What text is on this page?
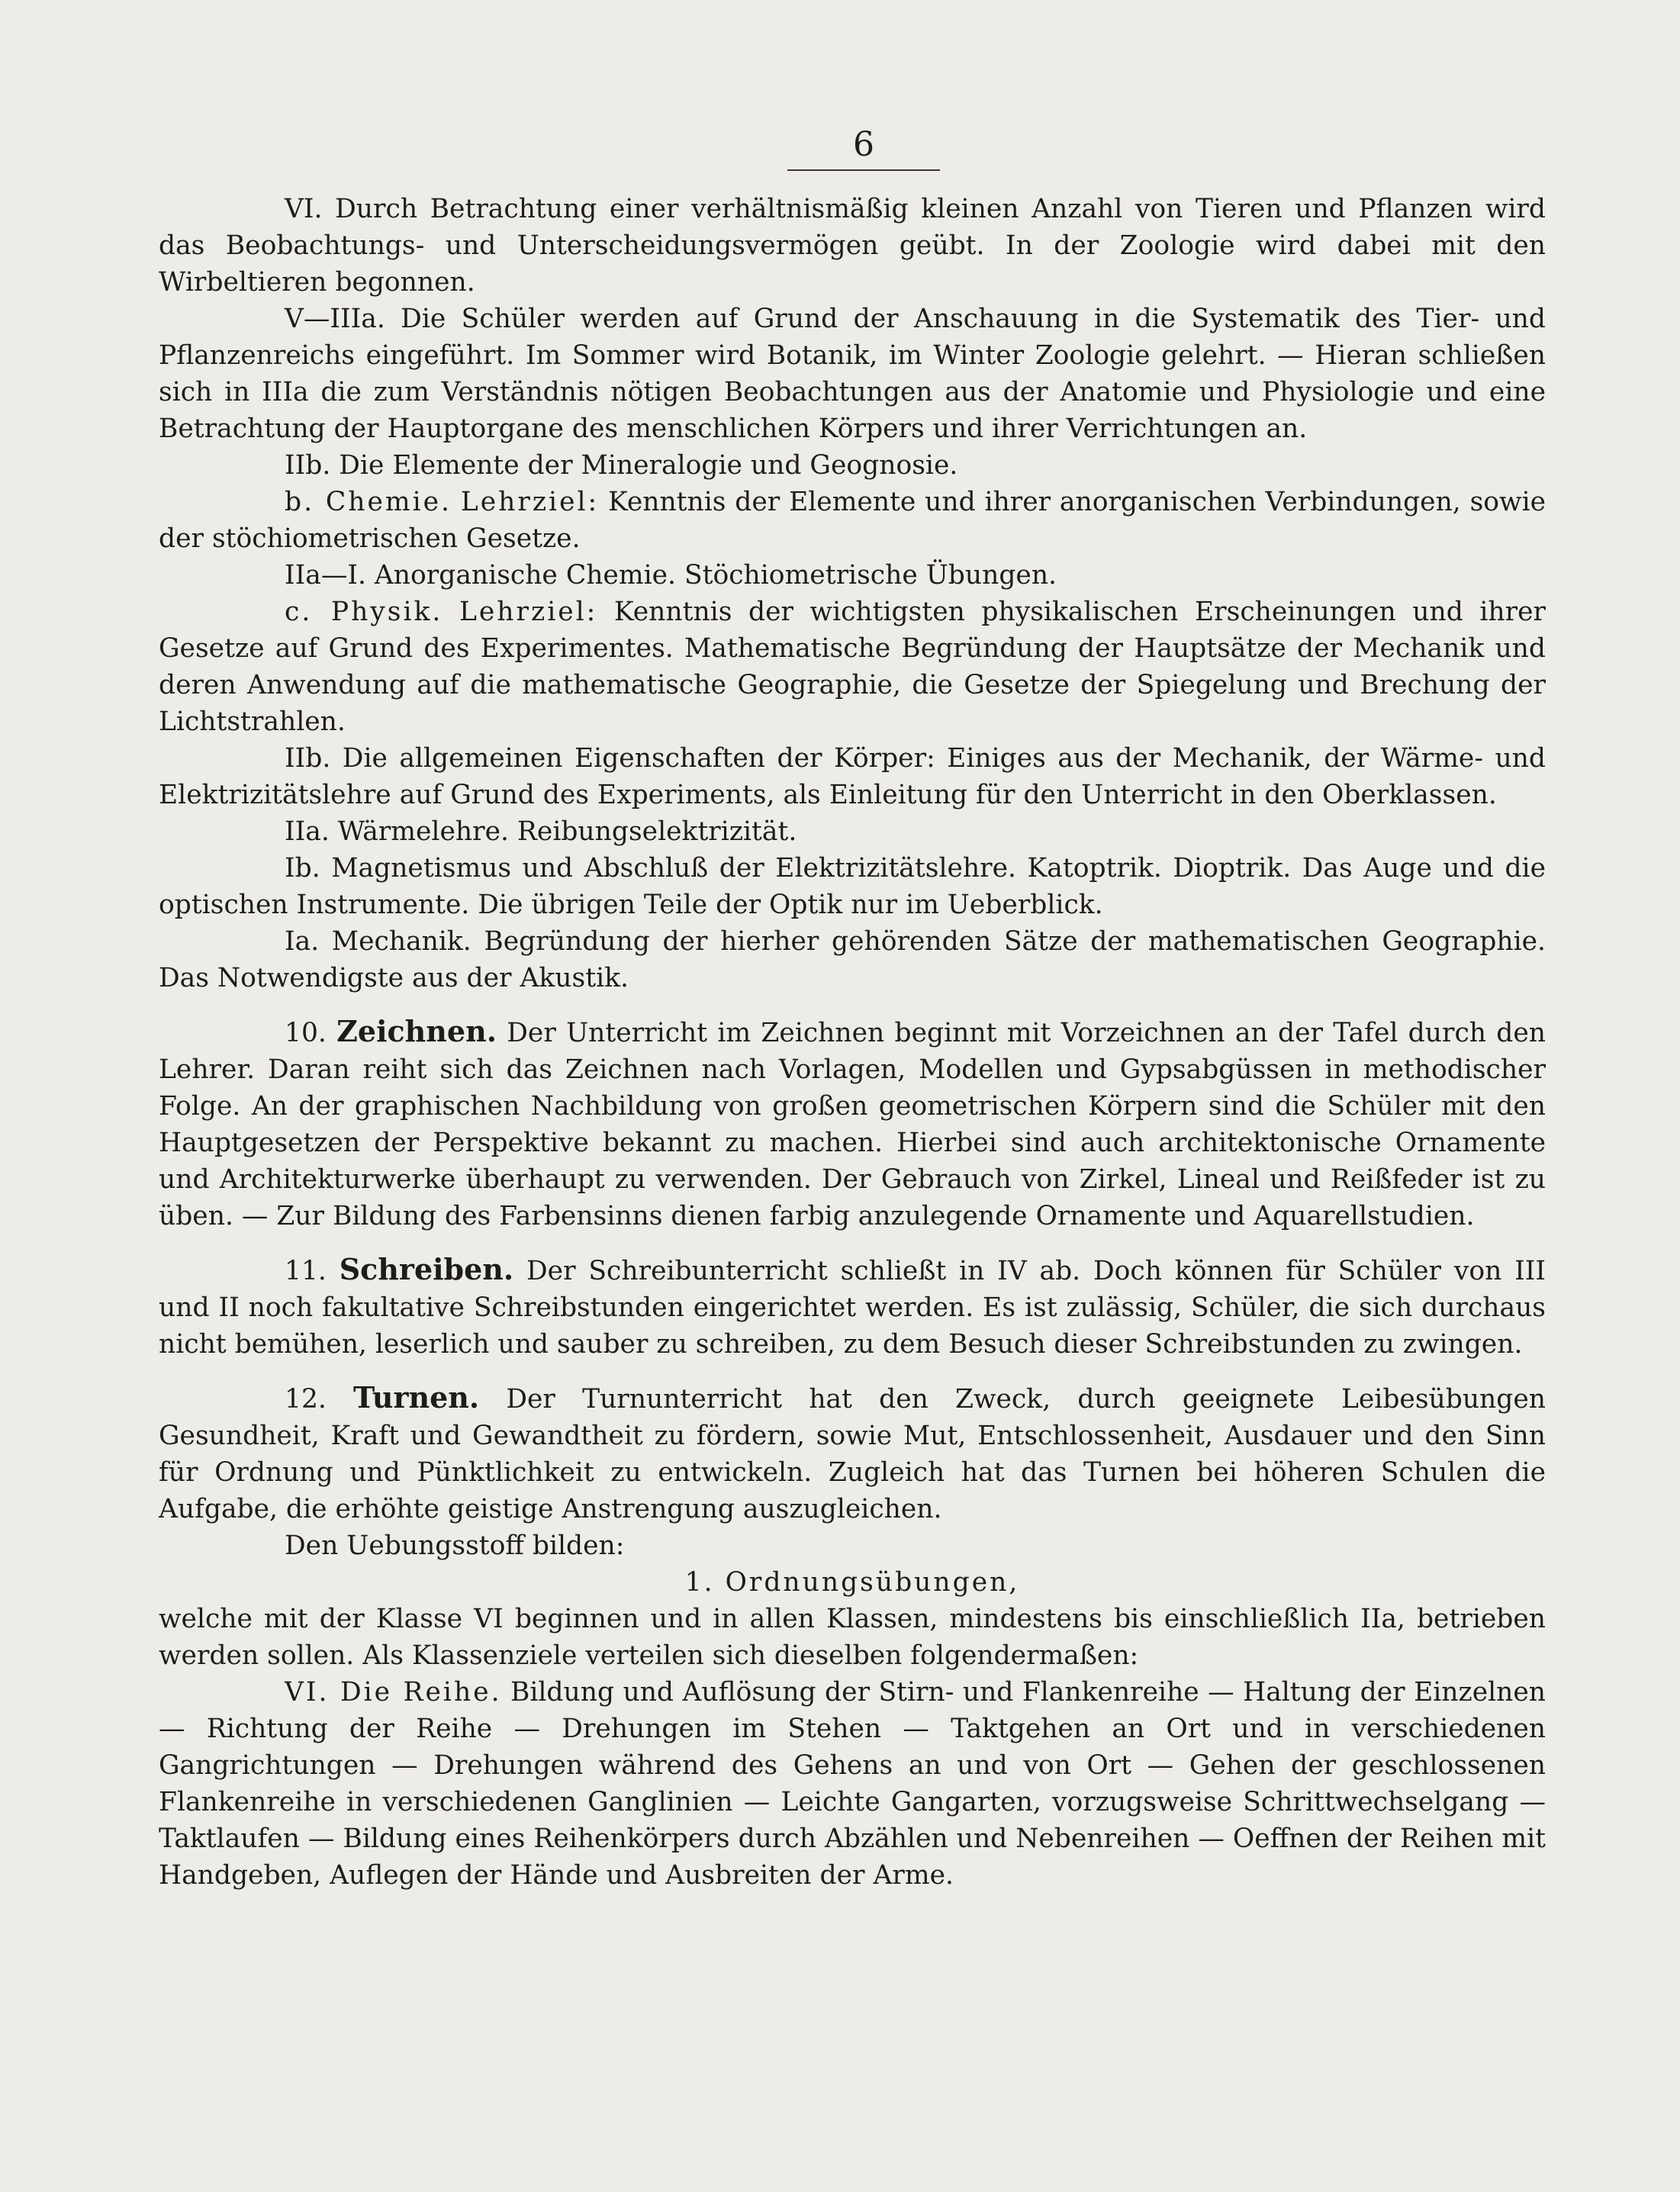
6

VI. Durch Betrachtung einer verhältnismäßig kleinen Anzahl von Tieren und Pflanzen wird das Beobachtungs- und Unterscheidungsvermögen geübt. In der Zoologie wird dabei mit den Wirbeltieren begonnen.

V—IIIa. Die Schüler werden auf Grund der Anschauung in die Systematik des Tier- und Pflanzenreichs eingeführt. Im Sommer wird Botanik, im Winter Zoologie gelehrt. — Hieran schließen sich in IIIa die zum Verständnis nötigen Beobachtungen aus der Anatomie und Physiologie und eine Betrachtung der Hauptorgane des menschlichen Körpers und ihrer Verrichtungen an.

IIb. Die Elemente der Mineralogie und Geognosie.

b. Chemie. Lehrziel: Kenntnis der Elemente und ihrer anorganischen Verbindungen, sowie der stöchiometrischen Gesetze.

IIa—I. Anorganische Chemie. Stöchiometrische Übungen.

c. Physik. Lehrziel: Kenntnis der wichtigsten physikalischen Erscheinungen und ihrer Gesetze auf Grund des Experimentes. Mathematische Begründung der Hauptsätze der Mechanik und deren Anwendung auf die mathematische Geographie, die Gesetze der Spiegelung und Brechung der Lichtstrahlen.

IIb. Die allgemeinen Eigenschaften der Körper: Einiges aus der Mechanik, der Wärme- und Elektrizitätslehre auf Grund des Experiments, als Einleitung für den Unterricht in den Oberklassen.

IIa. Wärmelehre. Reibungselektrizität.

Ib. Magnetismus und Abschluß der Elektrizitätslehre. Katoptrik. Dioptrik. Das Auge und die optischen Instrumente. Die übrigen Teile der Optik nur im Ueberblick.

Ia. Mechanik. Begründung der hierher gehörenden Sätze der mathematischen Geographie. Das Notwendigste aus der Akustik.

10. Zeichnen. Der Unterricht im Zeichnen beginnt mit Vorzeichnen an der Tafel durch den Lehrer. Daran reiht sich das Zeichnen nach Vorlagen, Modellen und Gypsabgüssen in methodischer Folge. An der graphischen Nachbildung von großen geometrischen Körpern sind die Schüler mit den Hauptgesetzen der Perspektive bekannt zu machen. Hierbei sind auch architektonische Ornamente und Architekturwerke überhaupt zu verwenden. Der Gebrauch von Zirkel, Lineal und Reißfeder ist zu üben. — Zur Bildung des Farbensinns dienen farbig anzulegende Ornamente und Aquarellstudien.

11. Schreiben. Der Schreibunterricht schließt in IV ab. Doch können für Schüler von III und II noch fakultative Schreibstunden eingerichtet werden. Es ist zulässig, Schüler, die sich durchaus nicht bemühen, leserlich und sauber zu schreiben, zu dem Besuch dieser Schreibstunden zu zwingen.

12. Turnen. Der Turnunterricht hat den Zweck, durch geeignete Leibesübungen Gesundheit, Kraft und Gewandtheit zu fördern, sowie Mut, Entschlossenheit, Ausdauer und den Sinn für Ordnung und Pünktlichkeit zu entwickeln. Zugleich hat das Turnen bei höheren Schulen die Aufgabe, die erhöhte geistige Anstrengung auszugleichen.

Den Uebungsstoff bilden:

1. Ordnungsübungen,

welche mit der Klasse VI beginnen und in allen Klassen, mindestens bis einschließlich IIa, betrieben werden sollen. Als Klassenziele verteilen sich dieselben folgendermaßen:

VI. Die Reihe. Bildung und Auflösung der Stirn- und Flankenreihe — Haltung der Einzelnen — Richtung der Reihe — Drehungen im Stehen — Taktgehen an Ort und in verschiedenen Gangrichtungen — Drehungen während des Gehens an und von Ort — Gehen der geschlossenen Flankenreihe in verschiedenen Ganglinien — Leichte Gangarten, vorzugsweise Schrittwechselgang — Taktlaufen — Bildung eines Reihenkörpers durch Abzählen und Nebenreihen — Oeffnen der Reihen mit Handgeben, Auflegen der Hände und Ausbreiten der Arme.
